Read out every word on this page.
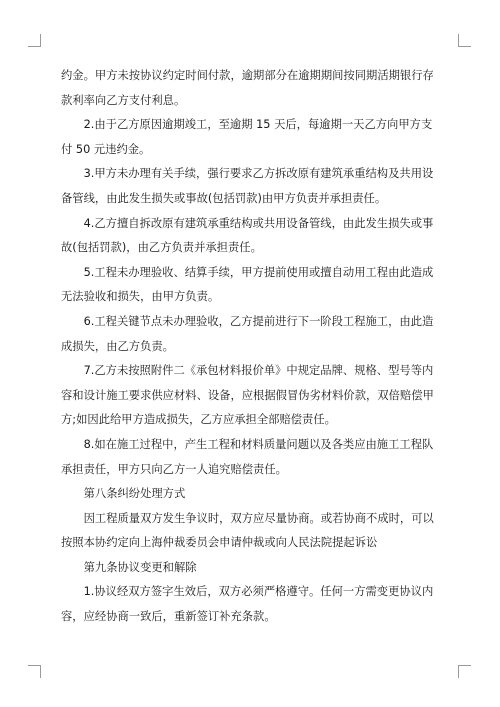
约金。甲方未按协议约定时间付款，逾期部分在逾期期间按同期活期银行存款利率向乙方支付利息。

2.由于乙方原因逾期竣工，至逾期 15 天后，每逾期一天乙方向甲方支付 50 元违约金。

3.甲方未办理有关手续，强行要求乙方拆改原有建筑承重结构及共用设备管线，由此发生损失或事故(包括罚款)由甲方负责并承担责任。

4.乙方擅自拆改原有建筑承重结构或共用设备管线，由此发生损失或事故(包括罚款)，由乙方负责并承担责任。

5.工程未办理验收、结算手续，甲方提前使用或擅自动用工程由此造成无法验收和损失，由甲方负责。

6.工程关键节点未办理验收，乙方提前进行下一阶段工程施工，由此造成损失，由乙方负责。

7.乙方未按照附件二《承包材料报价单》中规定品牌、规格、型号等内容和设计施工要求供应材料、设备，应根据假冒伪劣材料价款，双倍赔偿甲方;如因此给甲方造成损失，乙方应承担全部赔偿责任。

8.如在施工过程中，产生工程和材料质量问题以及各类应由施工工程队承担责任，甲方只向乙方一人追究赔偿责任。

第八条纠纷处理方式

因工程质量双方发生争议时，双方应尽量协商。或若协商不成时，可以按照本协约定向上海仲裁委员会申请仲裁或向人民法院提起诉讼

第九条协议变更和解除

1.协议经双方签字生效后，双方必须严格遵守。任何一方需变更协议内容，应经协商一致后，重新签订补充条款。
